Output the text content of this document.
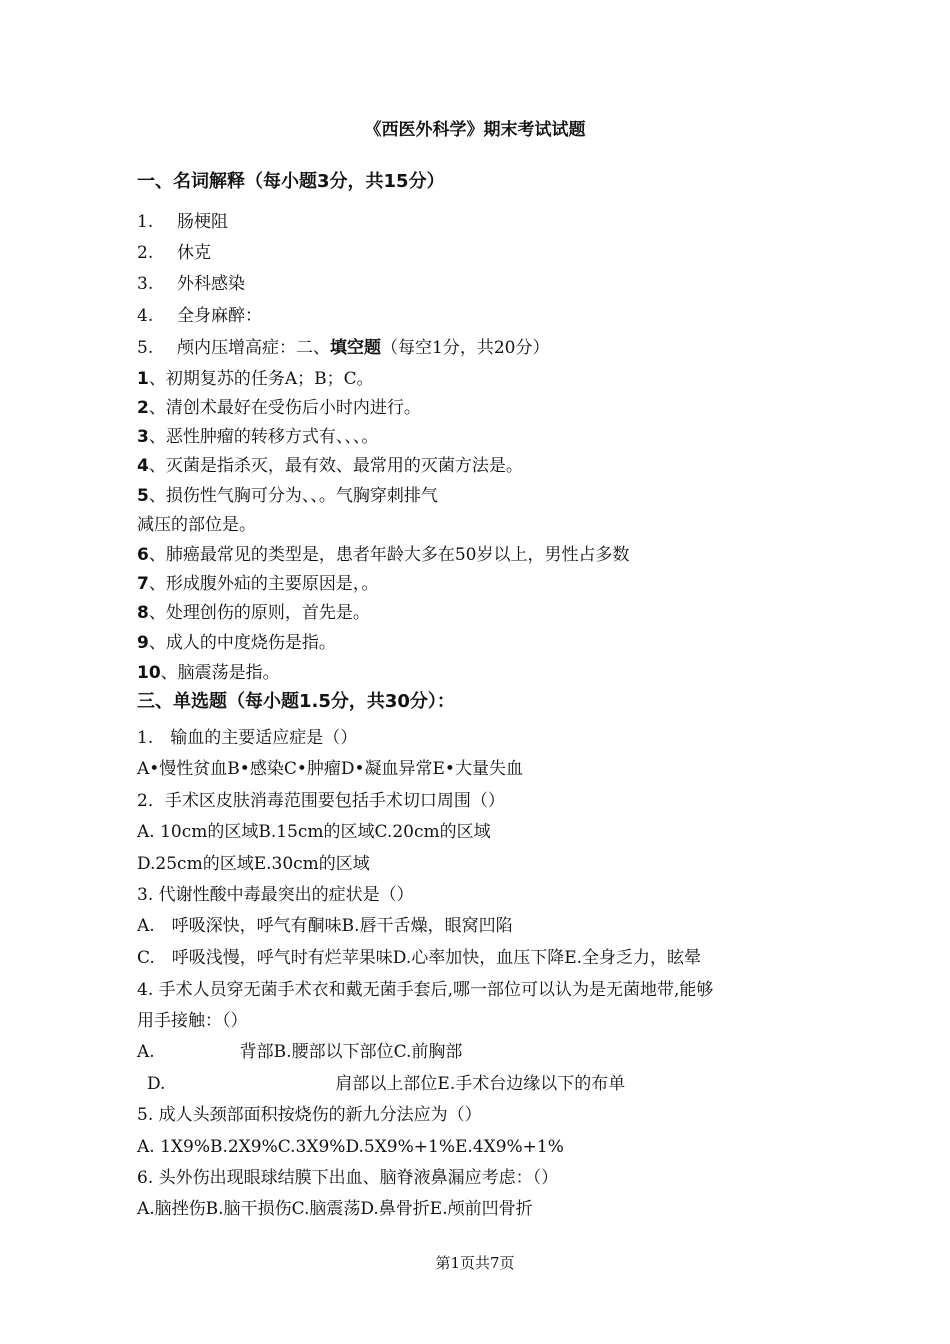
《西医外科学》期末考试试题
一、名词解释（每小题3分，共15分）
1. 肠梗阻
2. 休克
3. 外科感染
4. 全身麻醉：
5. 颅内压增高症：二、填空题（每空1分，共20分）
1、初期复苏的任务A；B；C。
2、清创术最好在受伤后小时内进行。
3、恶性肿瘤的转移方式有、、、。
4、灭菌是指杀灭，最有效、最常用的灭菌方法是。
5、损伤性气胸可分为、、。气胸穿刺排气
减压的部位是。
6、肺癌最常见的类型是，患者年龄大多在50岁以上，男性占多数
7、形成腹外疝的主要原因是，。
8、处理创伤的原则，首先是。
9、成人的中度烧伤是指。
10、脑震荡是指。
三、单选题（每小题1.5分，共30分）：
1.　输血的主要适应症是（）
A•慢性贫血B•感染C•肿瘤D•凝血异常E•大量失血
2．手术区皮肤消毒范围要包括手术切口周围（）
A. 10cm的区域B.15cm的区域C.20cm的区域
D.25cm的区域E.30cm的区域
3. 代谢性酸中毒最突出的症状是（）
A.　呼吸深快，呼气有酮味B.唇干舌燥，眼窝凹陷
C.　呼吸浅慢，呼气时有烂苹果味D.心率加快，血压下降E.全身乏力，眩晕
4. 手术人员穿无菌手术衣和戴无菌手套后,哪一部位可以认为是无菌地带,能够
用手接触：（）
A.　　　　　背部B.腰部以下部位C.前胸部
D.　　　　　　　　　　肩部以上部位E.手术台边缘以下的布单
5. 成人头颈部面积按烧伤的新九分法应为（）
A. 1X9%B.2X9%C.3X9%D.5X9%+1%E.4X9%+1%
6. 头外伤出现眼球结膜下出血、脑脊液鼻漏应考虑：（）
A.脑挫伤B.脑干损伤C.脑震荡D.鼻骨折E.颅前凹骨折
第1页共7页
